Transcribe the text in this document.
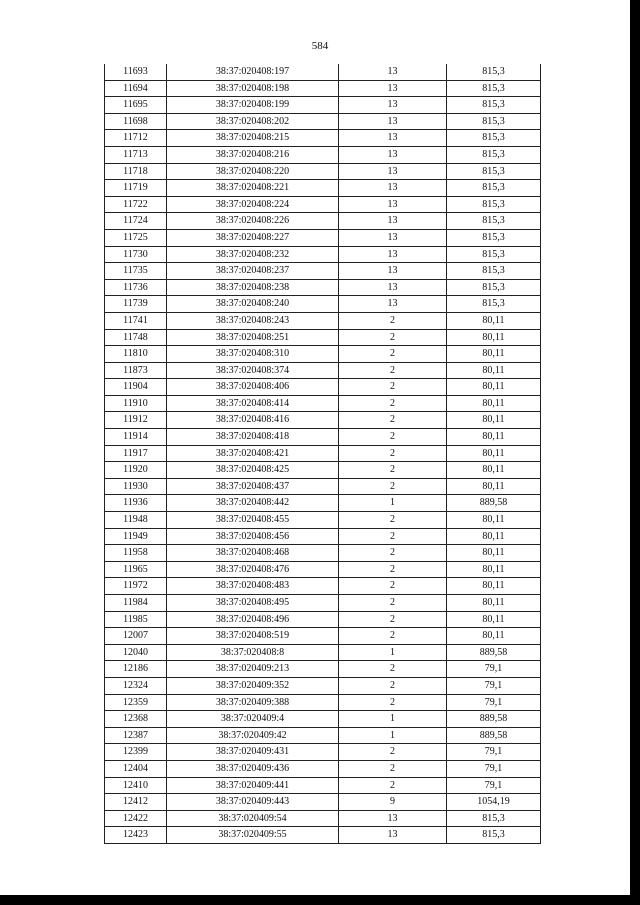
584
11693	38:37:020408:197	13	815,3
11694	38:37:020408:198	13	815,3
11695	38:37:020408:199	13	815,3
11698	38:37:020408:202	13	815,3
11712	38:37:020408:215	13	815,3
11713	38:37:020408:216	13	815,3
11718	38:37:020408:220	13	815,3
11719	38:37:020408:221	13	815,3
11722	38:37:020408:224	13	815,3
11724	38:37:020408:226	13	815,3
11725	38:37:020408:227	13	815,3
11730	38:37:020408:232	13	815,3
11735	38:37:020408:237	13	815,3
11736	38:37:020408:238	13	815,3
11739	38:37:020408:240	13	815,3
11741	38:37:020408:243	2	80,11
11748	38:37:020408:251	2	80,11
11810	38:37:020408:310	2	80,11
11873	38:37:020408:374	2	80,11
11904	38:37:020408:406	2	80,11
11910	38:37:020408:414	2	80,11
11912	38:37:020408:416	2	80,11
11914	38:37:020408:418	2	80,11
11917	38:37:020408:421	2	80,11
11920	38:37:020408:425	2	80,11
11930	38:37:020408:437	2	80,11
11936	38:37:020408:442	1	889,58
11948	38:37:020408:455	2	80,11
11949	38:37:020408:456	2	80,11
11958	38:37:020408:468	2	80,11
11965	38:37:020408:476	2	80,11
11972	38:37:020408:483	2	80,11
11984	38:37:020408:495	2	80,11
11985	38:37:020408:496	2	80,11
12007	38:37:020408:519	2	80,11
12040	38:37:020408:8	1	889,58
12186	38:37:020409:213	2	79,1
12324	38:37:020409:352	2	79,1
12359	38:37:020409:388	2	79,1
12368	38:37:020409:4	1	889,58
12387	38:37:020409:42	1	889,58
12399	38:37:020409:431	2	79,1
12404	38:37:020409:436	2	79,1
12410	38:37:020409:441	2	79,1
12412	38:37:020409:443	9	1054,19
12422	38:37:020409:54	13	815,3
12423	38:37:020409:55	13	815,3
